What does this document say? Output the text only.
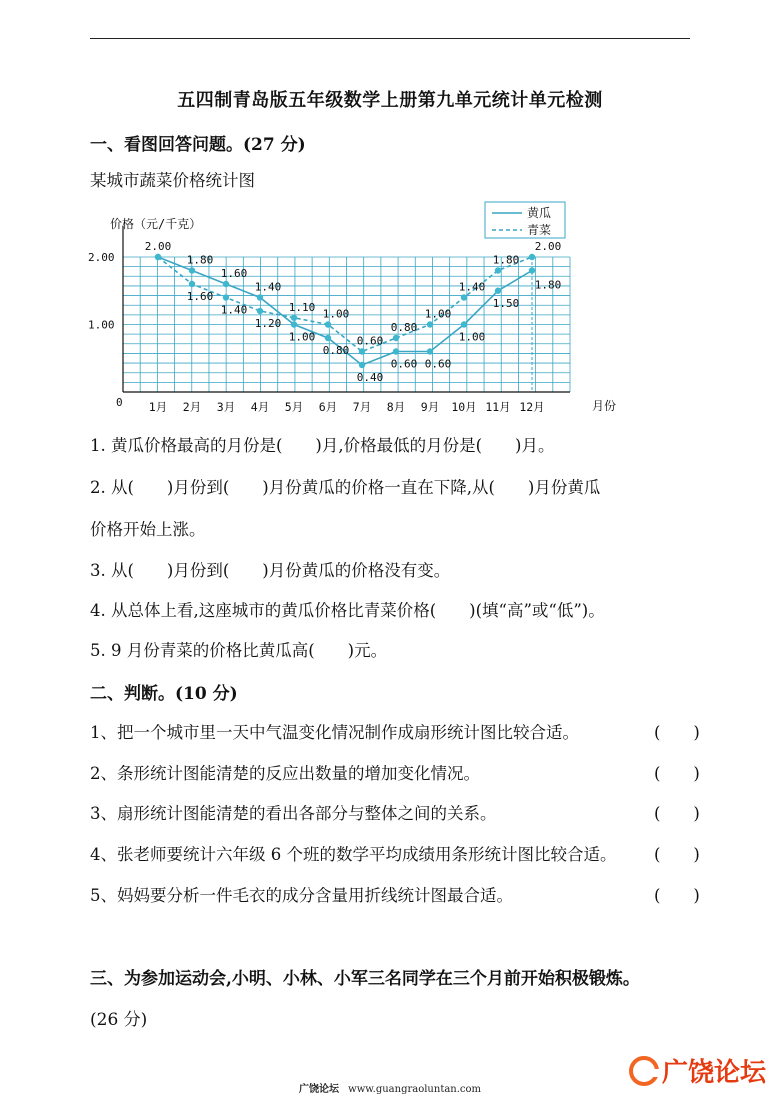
五四制青岛版五年级数学上册第九单元统计单元检测
一、看图回答问题。(27 分)
某城市蔬菜价格统计图
价格（元/千克）
月份
0
1.00
2.00
1月 2月 3月 4月 5月 6月 7月 8月 9月 10月 11月 12月
2.00
1.80
1.60
1.40
1.00
0.80
0.40
0.60 0.60
1.00
1.50
1.80
1.60
1.40
1.20
1.10
1.00
0.60
0.80
1.00
1.40
1.80
2.00
黄瓜
青菜
1. 黄瓜价格最高的月份是(　　)月,价格最低的月份是(　　)月。
2. 从(　　)月份到(　　)月份黄瓜的价格一直在下降,从(　　)月份黄瓜
价格开始上涨。
3. 从(　　)月份到(　　)月份黄瓜的价格没有变。
4. 从总体上看,这座城市的黄瓜价格比青菜价格(　　)(填“高”或“低”)。
5. 9 月份青菜的价格比黄瓜高(　　)元。
二、判断。(10 分)
1、把一个城市里一天中气温变化情况制作成扇形统计图比较合适。	(　　)
2、条形统计图能清楚的反应出数量的增加变化情况。	(　　)
3、扇形统计图能清楚的看出各部分与整体之间的关系。	(　　)
4、张老师要统计六年级 6 个班的数学平均成绩用条形统计图比较合适。 (　　)
5、妈妈要分析一件毛衣的成分含量用折线统计图最合适。	(　　)
三、为参加运动会,小明、小林、小军三名同学在三个月前开始积极锻炼。
(26 分)
广饶论坛 www.guangraoluntan.com
广饶论坛
